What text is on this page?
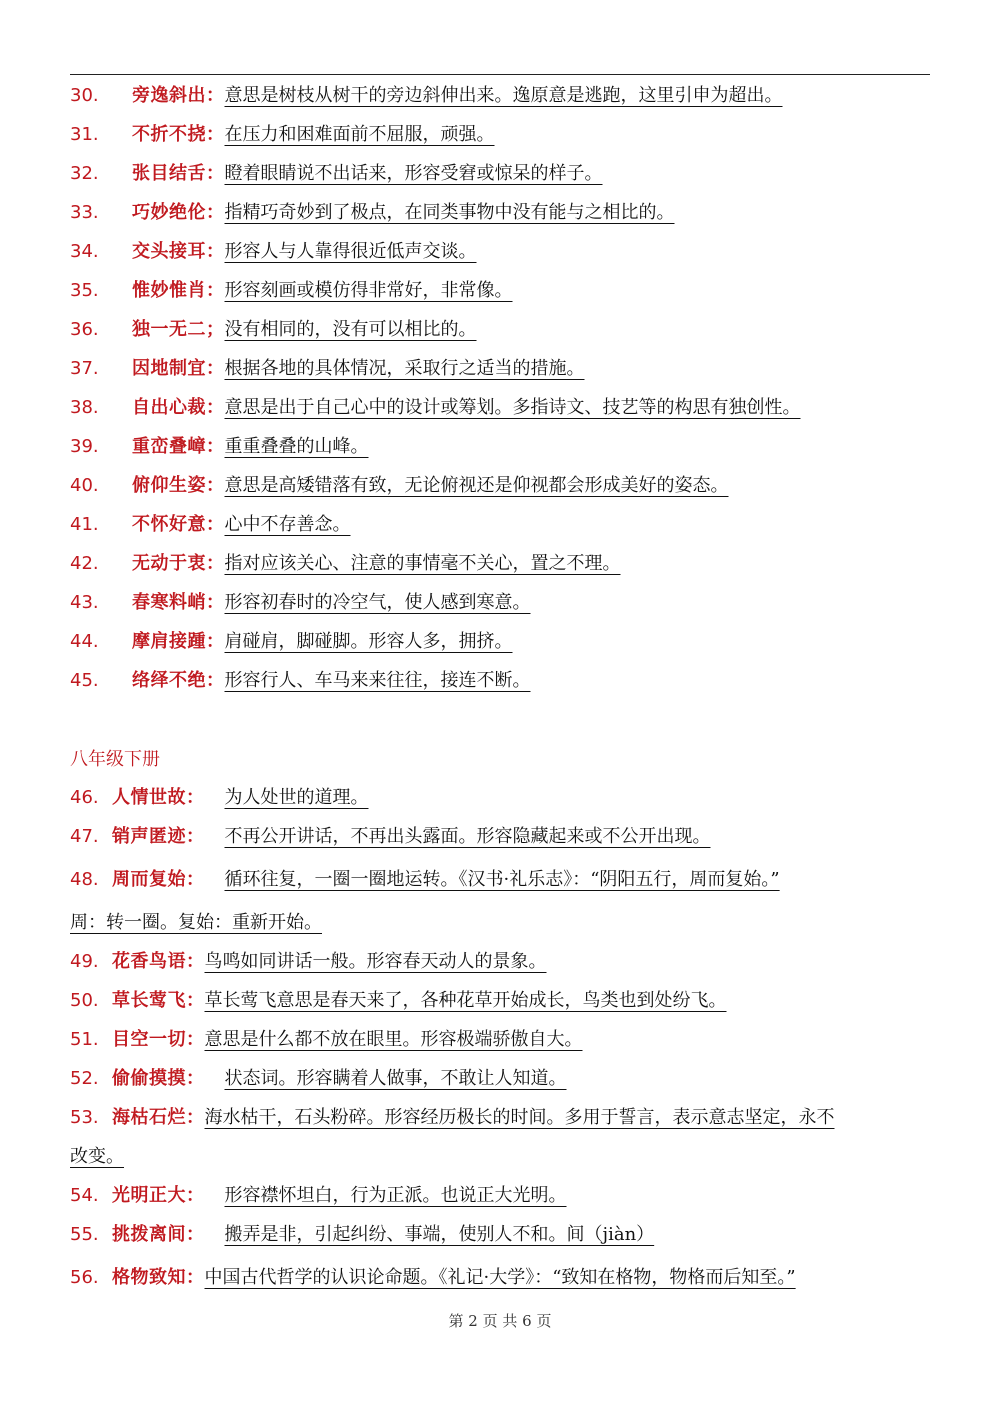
30. 旁逸斜出：意思是树枝从树干的旁边斜伸出来。逸原意是逃跑，这里引申为超出。
31. 不折不挠：在压力和困难面前不屈服，顽强。
32. 张目结舌：瞪着眼睛说不出话来，形容受窘或惊呆的样子。
33. 巧妙绝伦：指精巧奇妙到了极点，在同类事物中没有能与之相比的。
34. 交头接耳：形容人与人靠得很近低声交谈。
35. 惟妙惟肖：形容刻画或模仿得非常好，非常像。
36. 独一无二；没有相同的，没有可以相比的。
37. 因地制宜：根据各地的具体情况，采取行之适当的措施。
38. 自出心裁：意思是出于自己心中的设计或筹划。多指诗文、技艺等的构思有独创性。
39. 重峦叠嶂：重重叠叠的山峰。
40. 俯仰生姿：意思是高矮错落有致，无论俯视还是仰视都会形成美好的姿态。
41. 不怀好意：心中不存善念。
42. 无动于衷：指对应该关心、注意的事情毫不关心，置之不理。
43. 春寒料峭：形容初春时的冷空气，使人感到寒意。
44. 摩肩接踵：肩碰肩，脚碰脚。形容人多，拥挤。
45. 络绎不绝：形容行人、车马来来往往，接连不断。
八年级下册
46. 人情世故： 为人处世的道理。
47. 销声匿迹： 不再公开讲话，不再出头露面。形容隐藏起来或不公开出现。
48. 周而复始： 循环往复，一圈一圈地运转。《汉书·礼乐志》：“阴阳五行，周而复始。”
周：转一圈。复始：重新开始。
49. 花香鸟语：鸟鸣如同讲话一般。形容春天动人的景象。
50. 草长莺飞：草长莺飞意思是春天来了，各种花草开始成长，鸟类也到处纷飞。
51. 目空一切：意思是什么都不放在眼里。形容极端骄傲自大。
52. 偷偷摸摸： 状态词。形容瞒着人做事，不敢让人知道。
53. 海枯石烂：海水枯干，石头粉碎。形容经历极长的时间。多用于誓言，表示意志坚定，永不
改变。
54. 光明正大： 形容襟怀坦白，行为正派。也说正大光明。
55. 挑拨离间： 搬弄是非，引起纠纷、事端，使别人不和。间（jiàn）
56. 格物致知：中国古代哲学的认识论命题。《礼记·大学》：“致知在格物，物格而后知至。”
第 2 页 共 6 页
